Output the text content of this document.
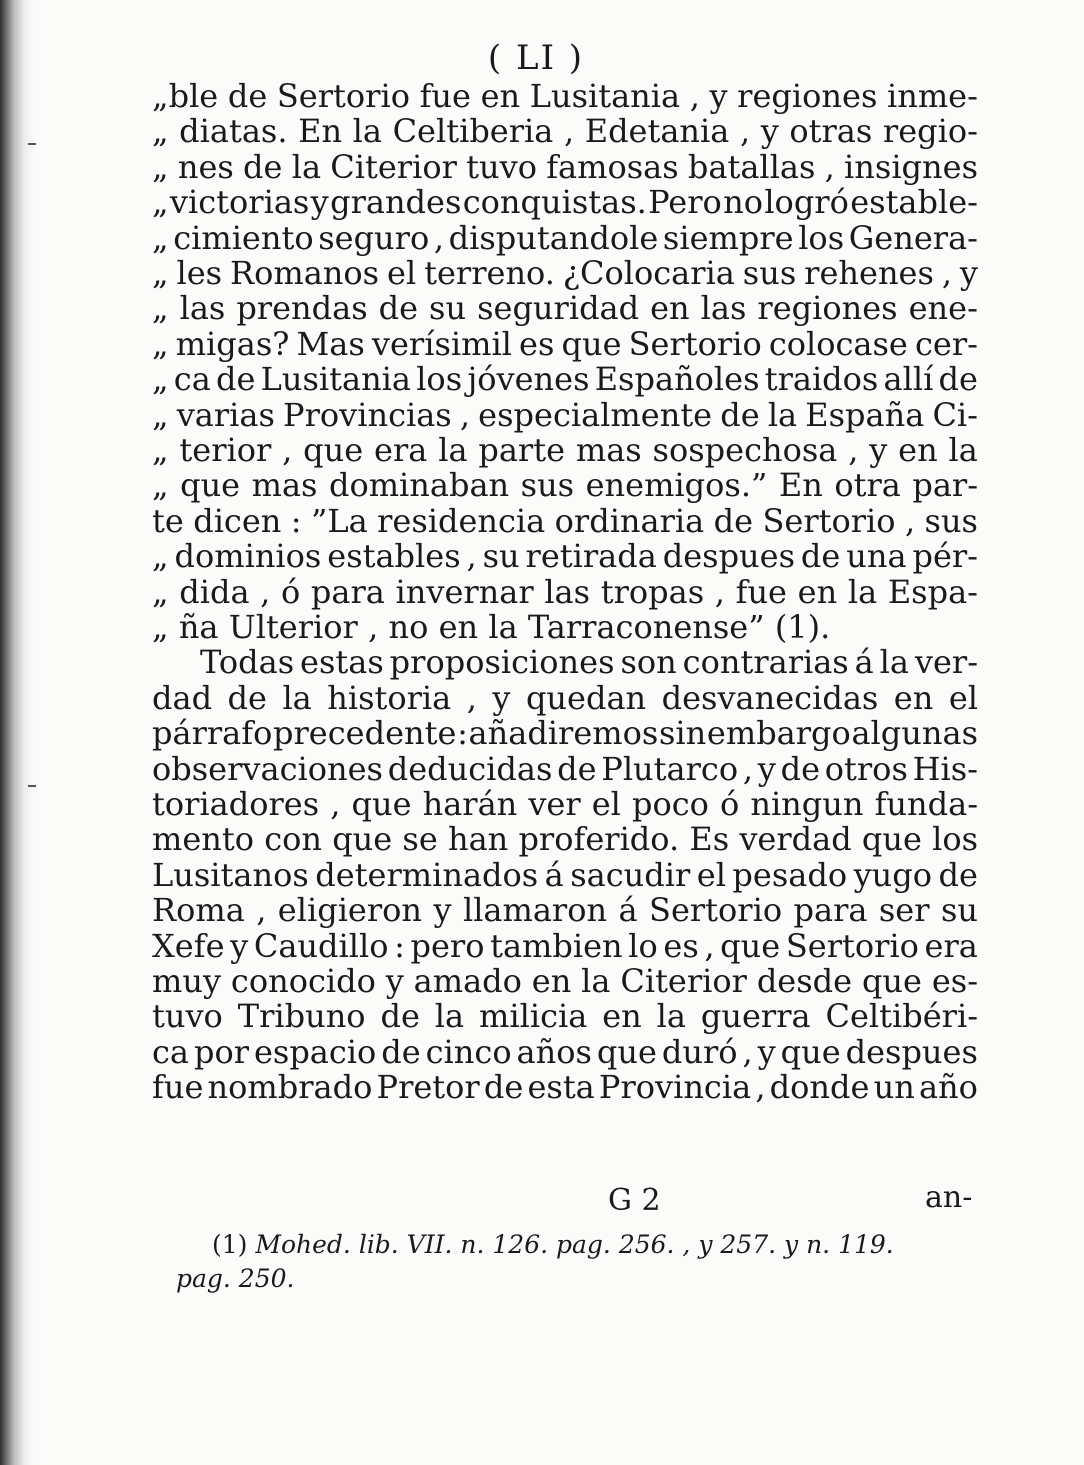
( LI )
„ble de Sertorio fue en Lusitania , y regiones inme-
„ diatas. En la Celtiberia , Edetania , y otras regio-
„ nes de la Citerior tuvo famosas batallas , insignes
„ victorias y grandes conquistas. Pero no logró estable-
„ cimiento seguro , disputandole siempre los Genera-
„ les Romanos el terreno. ¿Colocaria sus rehenes , y
„ las prendas de su seguridad en las regiones ene-
„ migas? Mas verísimil es que Sertorio colocase cer-
„ ca de Lusitania los jóvenes Españoles traidos allí de
„ varias Provincias , especialmente de la España Ci-
„ terior , que era la parte mas sospechosa , y en la
„ que mas dominaban sus enemigos.” En otra par-
te dicen : ”La residencia ordinaria de Sertorio , sus
„ dominios estables , su retirada despues de una pér-
„ dida , ó para invernar las tropas , fue en la Espa-
„ ña Ulterior , no en la Tarraconense” (1).
Todas estas proposiciones son contrarias á la ver-
dad de la historia , y quedan desvanecidas en el
párrafo precedente : añadiremos sin embargo algunas
observaciones deducidas de Plutarco , y de otros His-
toriadores , que harán ver el poco ó ningun funda-
mento con que se han proferido. Es verdad que los
Lusitanos determinados á sacudir el pesado yugo de
Roma , eligieron y llamaron á Sertorio para ser su
Xefe y Caudillo : pero tambien lo es , que Sertorio era
muy conocido y amado en la Citerior desde que es-
tuvo Tribuno de la milicia en la guerra Celtibéri-
ca por espacio de cinco años que duró , y que despues
fue nombrado Pretor de esta Provincia , donde un año
G 2	an-
(1) Mohed. lib. VII. n. 126. pag. 256. , y 257. y n. 119.
pag. 250.
